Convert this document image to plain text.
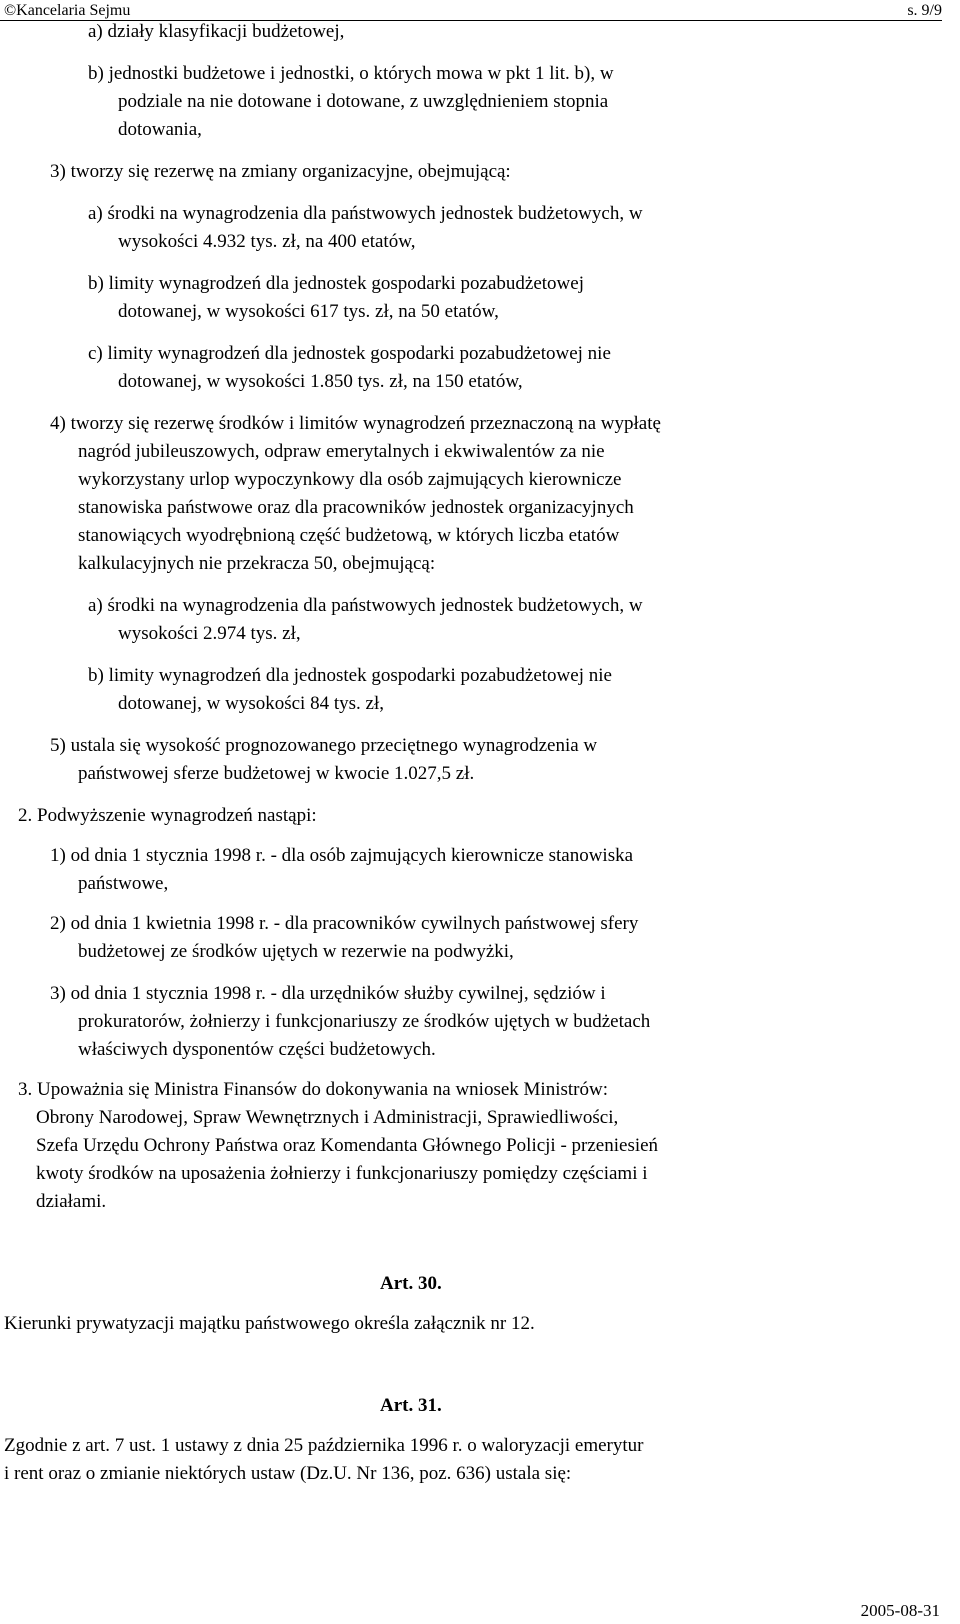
©Kancelaria Sejmu	s. 9/9
a) działy klasyfikacji budżetowej,
b) jednostki budżetowe i jednostki, o których mowa w pkt 1 lit. b), w
podziale na nie dotowane i dotowane, z uwzględnieniem stopnia
dotowania,
3) tworzy się rezerwę na zmiany organizacyjne, obejmującą:
a) środki na wynagrodzenia dla państwowych jednostek budżetowych, w
wysokości 4.932 tys. zł, na 400 etatów,
b) limity wynagrodzeń dla jednostek gospodarki pozabudżetowej
dotowanej, w wysokości 617 tys. zł, na 50 etatów,
c) limity wynagrodzeń dla jednostek gospodarki pozabudżetowej nie
dotowanej, w wysokości 1.850 tys. zł, na 150 etatów,
4) tworzy się rezerwę środków i limitów wynagrodzeń przeznaczoną na wypłatę
nagród jubileuszowych, odpraw emerytalnych i ekwiwalentów za nie
wykorzystany urlop wypoczynkowy dla osób zajmujących kierownicze
stanowiska państwowe oraz dla pracowników jednostek organizacyjnych
stanowiących wyodrębnioną część budżetową, w których liczba etatów
kalkulacyjnych nie przekracza 50, obejmującą:
a) środki na wynagrodzenia dla państwowych jednostek budżetowych, w
wysokości 2.974 tys. zł,
b) limity wynagrodzeń dla jednostek gospodarki pozabudżetowej nie
dotowanej, w wysokości 84 tys. zł,
5) ustala się wysokość prognozowanego przeciętnego wynagrodzenia w
państwowej sferze budżetowej w kwocie 1.027,5 zł.
2. Podwyższenie wynagrodzeń nastąpi:
1) od dnia 1 stycznia 1998 r. - dla osób zajmujących kierownicze stanowiska
państwowe,
2) od dnia 1 kwietnia 1998 r. - dla pracowników cywilnych państwowej sfery
budżetowej ze środków ujętych w rezerwie na podwyżki,
3) od dnia 1 stycznia 1998 r. - dla urzędników służby cywilnej, sędziów i
prokuratorów, żołnierzy i funkcjonariuszy ze środków ujętych w budżetach
właściwych dysponentów części budżetowych.
3. Upoważnia się Ministra Finansów do dokonywania na wniosek Ministrów:
Obrony Narodowej, Spraw Wewnętrznych i Administracji, Sprawiedliwości,
Szefa Urzędu Ochrony Państwa oraz Komendanta Głównego Policji - przeniesień
kwoty środków na uposażenia żołnierzy i funkcjonariuszy pomiędzy częściami i
działami.
Art. 30.
Kierunki prywatyzacji majątku państwowego określa załącznik nr 12.
Art. 31.
Zgodnie z art. 7 ust. 1 ustawy z dnia 25 października 1996 r. o waloryzacji emerytur
i rent oraz o zmianie niektórych ustaw (Dz.U. Nr 136, poz. 636) ustala się:
2005-08-31
